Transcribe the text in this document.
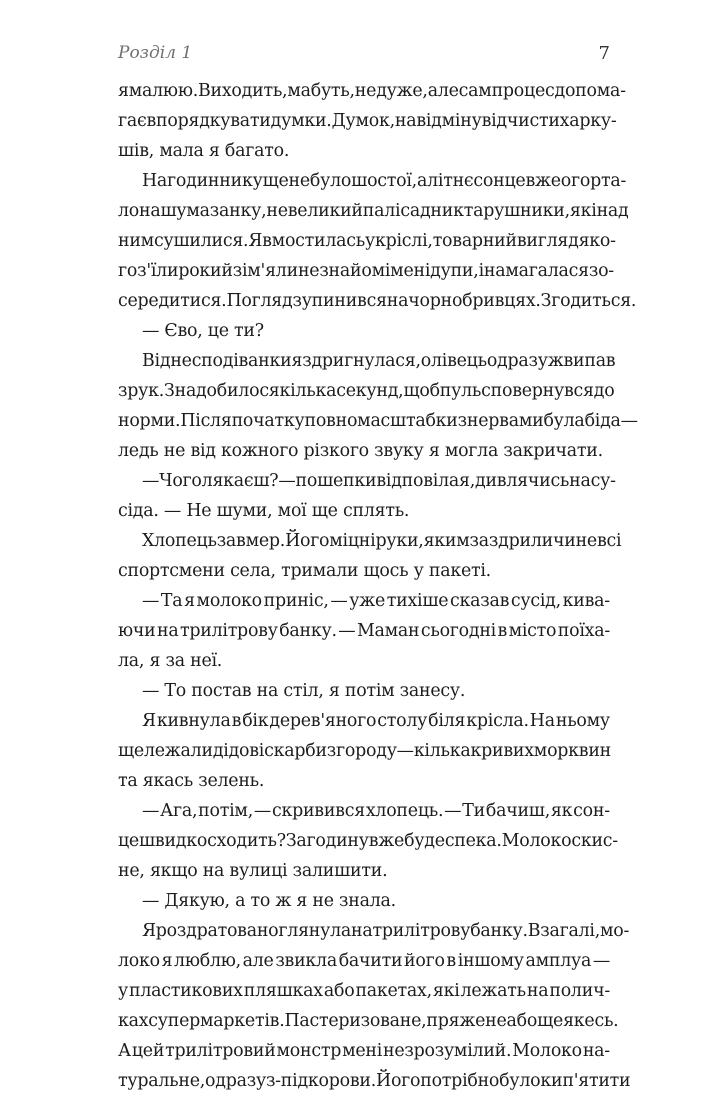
Розділ 1	7
я малюю. Виходить, мабуть, не дуже, але сам процес допома-
гає впорядкувати думки. Думок, на відміну від чистих арку-
шів, мала я багато.
На годиннику ще не було шостої, а літнє сонце вже огорта-
ло нашу мазанку, невеликий палісадник та рушники, які над
ним сушилися. Я вмостилась у кріслі, товарний вигляд яко-
го з'їли роки й зім'яли незнайомі мені дупи, і намагалася зо-
середитися. Погляд зупинився на чорнобривцях. Згодиться.
— Єво, це ти?
Від несподіванки я здригнулася, олівець одразу ж випав
з рук. Знадобилося кілька секунд, щоб пульс повернувся до
норми. Після початку повномасштабки з нервами була біда —
ледь не від кожного різкого звуку я могла закричати.
— Чого лякаєш? — пошепки відповіла я, дивлячись на су-
сіда. — Не шуми, мої ще сплять.
Хлопець завмер. Його міцні руки, яким заздрили чи не всі
спортсмени села, тримали щось у пакеті.
— Та я молоко приніс, — уже тихіше сказав сусід, кива-
ючи на трилітрову банку. — Маман сьогодні в місто поїха-
ла, я за неї.
— То постав на стіл, я потім занесу.
Я кивнула в бік дерев'яного столу біля крісла. На ньому
ще лежали дідові скарби з городу — кілька кривих морквин
та якась зелень.
— Ага, потім, — скривився хлопець. — Ти бачиш, як сон-
це швидко сходить? За годину вже буде спека. Молоко скис-
не, якщо на вулиці залишити.
— Дякую, а то ж я не знала.
Я роздратовано глянула на трилітрову банку. Взагалі, мо-
локо я люблю, але звикла бачити його в іншому амплуа —
у пластикових пляшках або пакетах, які лежать на полич-
ках супермаркетів. Пастеризоване, пряжене або ще якесь.
А цей трилітровий монстр мені незрозумілий. Молоко на-
туральне, одразу з-під корови. Його потрібно було кип'ятити
